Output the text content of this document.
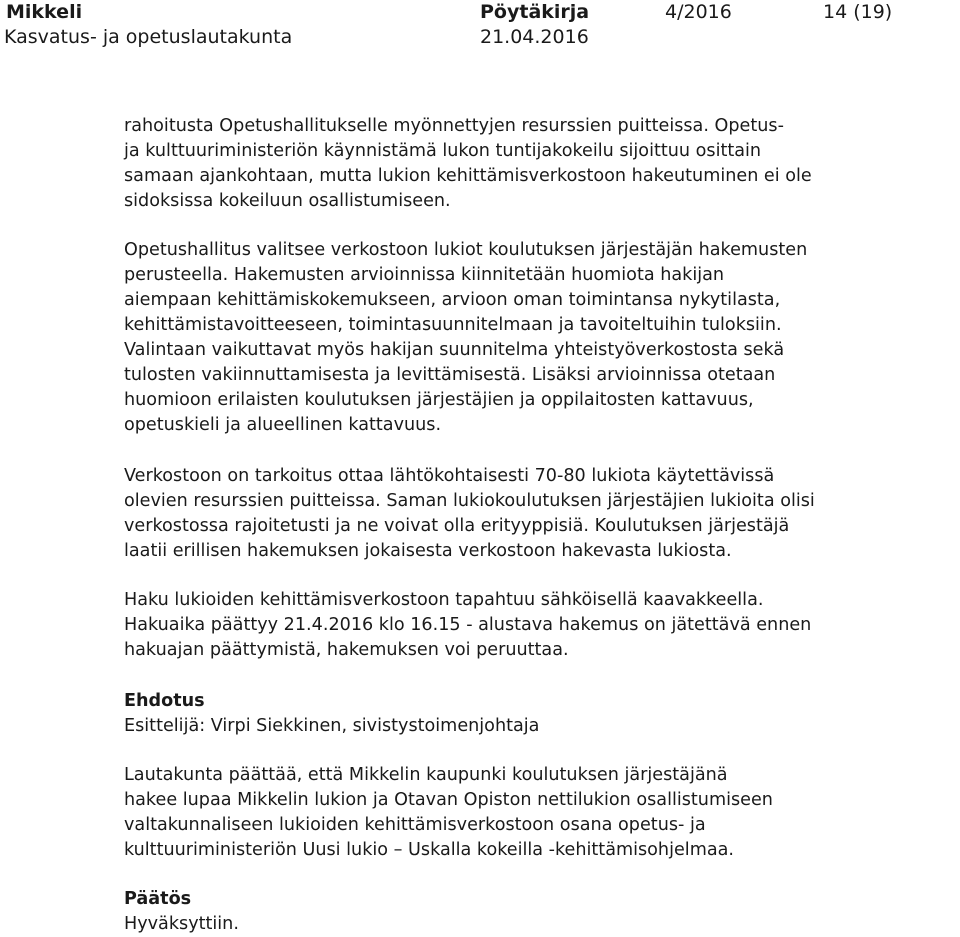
Mikkeli
Kasvatus- ja opetuslautakunta
Pöytäkirja
21.04.2016
4/2016	14 (19)

rahoitusta Opetushallitukselle myönnettyjen resurssien puitteissa. Opetus-

ja kulttuuriministeriön käynnistämä lukon tuntijakokeilu sijoittuu osittain

samaan ajankohtaan, mutta lukion kehittämisverkostoon hakeutuminen ei ole

sidoksissa kokeiluun osallistumiseen.

Opetushallitus valitsee verkostoon lukiot koulutuksen järjestäjän hakemusten

perusteella. Hakemusten arvioinnissa kiinnitetään huomiota hakijan

aiempaan kehittämiskokemukseen, arvioon oman toimintansa nykytilasta,

kehittämistavoitteeseen, toimintasuunnitelmaan ja tavoiteltuihin tuloksiin.

Valintaan vaikuttavat myös hakijan suunnitelma yhteistyöverkostosta sekä

tulosten vakiinnuttamisesta ja levittämisestä. Lisäksi arvioinnissa otetaan

huomioon erilaisten koulutuksen järjestäjien ja oppilaitosten kattavuus,

opetuskieli ja alueellinen kattavuus.

Verkostoon on tarkoitus ottaa lähtökohtaisesti 70-80 lukiota käytettävissä

olevien resurssien puitteissa. Saman lukiokoulutuksen järjestäjien lukioita olisi

verkostossa rajoitetusti ja ne voivat olla erityyppisiä. Koulutuksen järjestäjä

laatii erillisen hakemuksen jokaisesta verkostoon hakevasta lukiosta.

Haku lukioiden kehittämisverkostoon tapahtuu sähköisellä kaavakkeella.

Hakuaika päättyy 21.4.2016 klo 16.15 - alustava hakemus on jätettävä ennen

hakuajan päättymistä, hakemuksen voi peruuttaa.

Ehdotus

Esittelijä: Virpi Siekkinen, sivistystoimenjohtaja

Lautakunta päättää, että Mikkelin kaupunki koulutuksen järjestäjänä

hakee lupaa Mikkelin lukion ja Otavan Opiston nettilukion osallistumiseen

valtakunnaliseen lukioiden kehittämisverkostoon osana opetus- ja

kulttuuriministeriön Uusi lukio – Uskalla kokeilla -kehittämisohjelmaa.

Päätös

Hyväksyttiin.
